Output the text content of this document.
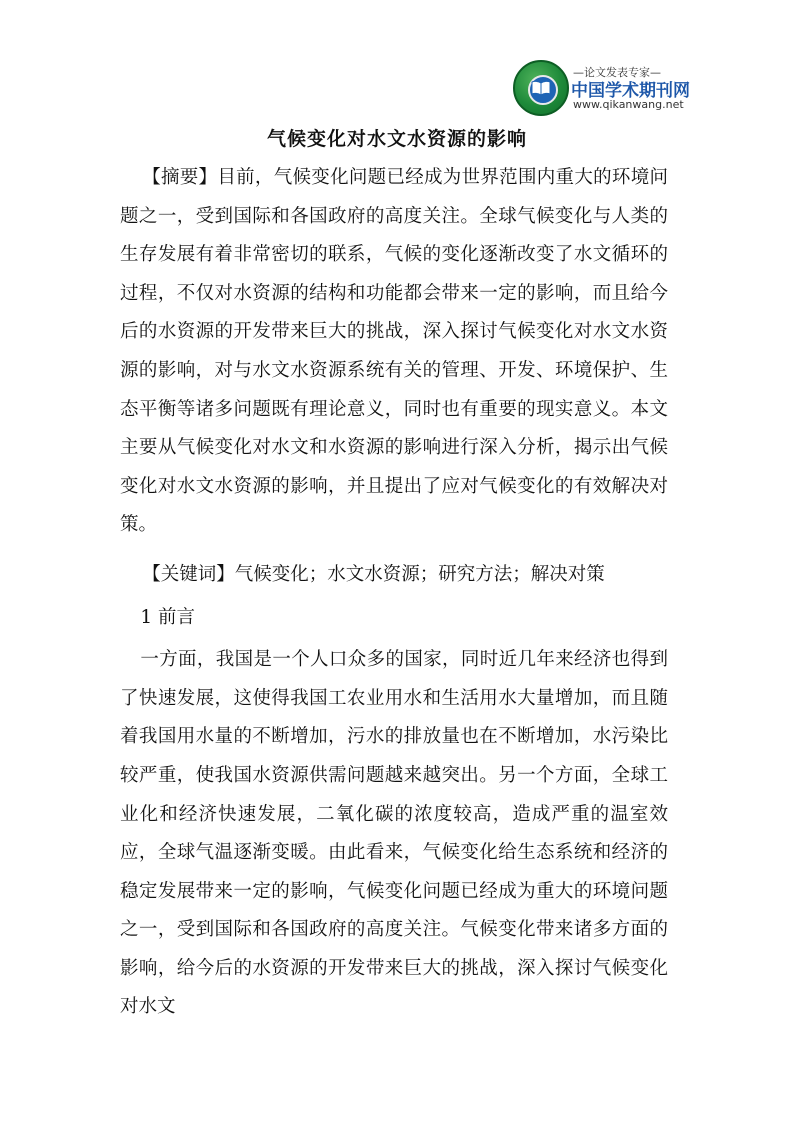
—论文发表专家—
中国学术期刊网
www.qikanwang.net
气候变化对水文水资源的影响

【摘要】目前，气候变化问题已经成为世界范围内重大的环境问题之一，受到国际和各国政府的高度关注。全球气候变化与人类的生存发展有着非常密切的联系，气候的变化逐渐改变了水文循环的过程，不仅对水资源的结构和功能都会带来一定的影响，而且给今后的水资源的开发带来巨大的挑战，深入探讨气候变化对水文水资源的影响，对与水文水资源系统有关的管理、开发、环境保护、生态平衡等诸多问题既有理论意义，同时也有重要的现实意义。本文主要从气候变化对水文和水资源的影响进行深入分析，揭示出气候变化对水文水资源的影响，并且提出了应对气候变化的有效解决对策。

【关键词】气候变化；水文水资源；研究方法；解决对策

1 前言

一方面，我国是一个人口众多的国家，同时近几年来经济也得到了快速发展，这使得我国工农业用水和生活用水大量增加，而且随着我国用水量的不断增加，污水的排放量也在不断增加，水污染比较严重，使我国水资源供需问题越来越突出。另一个方面，全球工业化和经济快速发展，二氧化碳的浓度较高，造成严重的温室效应，全球气温逐渐变暖。由此看来，气候变化给生态系统和经济的稳定发展带来一定的影响，气候变化问题已经成为重大的环境问题之一，受到国际和各国政府的高度关注。气候变化带来诸多方面的影响，给今后的水资源的开发带来巨大的挑战，深入探讨气候变化对水文
